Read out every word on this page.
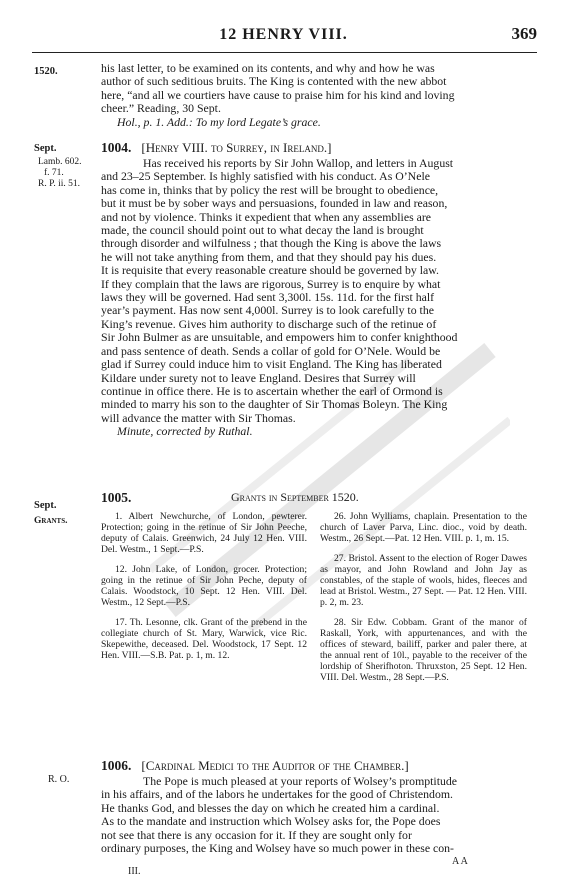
12 HENRY VIII.	369
1520.	his last letter, to be examined on its contents, and why and how he was

author of such seditious bruits. The King is contented with the new abbot

here, “and all we courtiers have cause to praise him for his kind and loving

cheer.” Reading, 30 Sept.

Hol., p. 1. Add.: To my lord Legate’s grace.

Sept.
Lamb. 602.
f. 71.
R. P. ii. 51.
1004. [Henry VIII. to Surrey, in Ireland.]

Has received his reports by Sir John Wallop, and letters in August

and 23–25 September. Is highly satisfied with his conduct. As O’Nele

has come in, thinks that by policy the rest will be brought to obedience,

but it must be by sober ways and persuasions, founded in law and reason,

and not by violence. Thinks it expedient that when any assemblies are

made, the council should point out to what decay the land is brought

through disorder and wilfulness ; that though the King is above the laws

he will not take anything from them, and that they should pay his dues.

It is requisite that every reasonable creature should be governed by law.

If they complain that the laws are rigorous, Surrey is to enquire by what

laws they will be governed. Had sent 3,300l. 15s. 11d. for the first half

year’s payment. Has now sent 4,000l. Surrey is to look carefully to the

King’s revenue. Gives him authority to discharge such of the retinue of

Sir John Bulmer as are unsuitable, and empowers him to confer knighthood

and pass sentence of death. Sends a collar of gold for O’Nele. Would be

glad if Surrey could induce him to visit England. The King has liberated

Kildare under surety not to leave England. Desires that Surrey will

continue in office there. He is to ascertain whether the earl of Ormond is

minded to marry his son to the daughter of Sir Thomas Boleyn. The King

will advance the matter with Sir Thomas.

Minute, corrected by Ruthal.

Sept.
Grants.
1005.	Grants in September 1520.

1. Albert Newchurche, of London, pewterer. Protection; going in the retinue of Sir John Peeche, deputy of Calais. Greenwich, 24 July 12 Hen. VIII. Del. Westm., 1 Sept.—P.S.

12. John Lake, of London, grocer. Protection; going in the retinue of Sir John Peche, deputy of Calais. Woodstock, 10 Sept. 12 Hen. VIII. Del. Westm., 12 Sept.—P.S.

17. Th. Lesonne, clk. Grant of the prebend in the collegiate church of St. Mary, Warwick, vice Ric. Skepewithe, deceased. Del. Woodstock, 17 Sept. 12 Hen. VIII.—S.B. Pat. p. 1, m. 12.

26. John Wylliams, chaplain. Presentation to the church of Laver Parva, Linc. dioc., void by death. Westm., 26 Sept.—Pat. 12 Hen. VIII. p. 1, m. 15.

27. Bristol. Assent to the election of Roger Dawes as mayor, and John Rowland and John Jay as constables, of the staple of wools, hides, fleeces and lead at Bristol. Westm., 27 Sept. — Pat. 12 Hen. VIII. p. 2, m. 23.

28. Sir Edw. Cobbam. Grant of the manor of Raskall, York, with appurtenances, and with the offices of steward, bailiff, parker and paler there, at the annual rent of 10l., payable to the receiver of the lordship of Sherifhoton. Thruxston, 25 Sept. 12 Hen. VIII. Del. Westm., 28 Sept.—P.S.

R. O.
1006. [Cardinal Medici to the Auditor of the Chamber.]

The Pope is much pleased at your reports of Wolsey’s promptitude

in his affairs, and of the labors he undertakes for the good of Christendom.

He thanks God, and blesses the day on which he created him a cardinal.

As to the mandate and instruction which Wolsey asks for, the Pope does

not see that there is any occasion for it. If they are sought only for

ordinary purposes, the King and Wolsey have so much power in these con-

III.
A A
